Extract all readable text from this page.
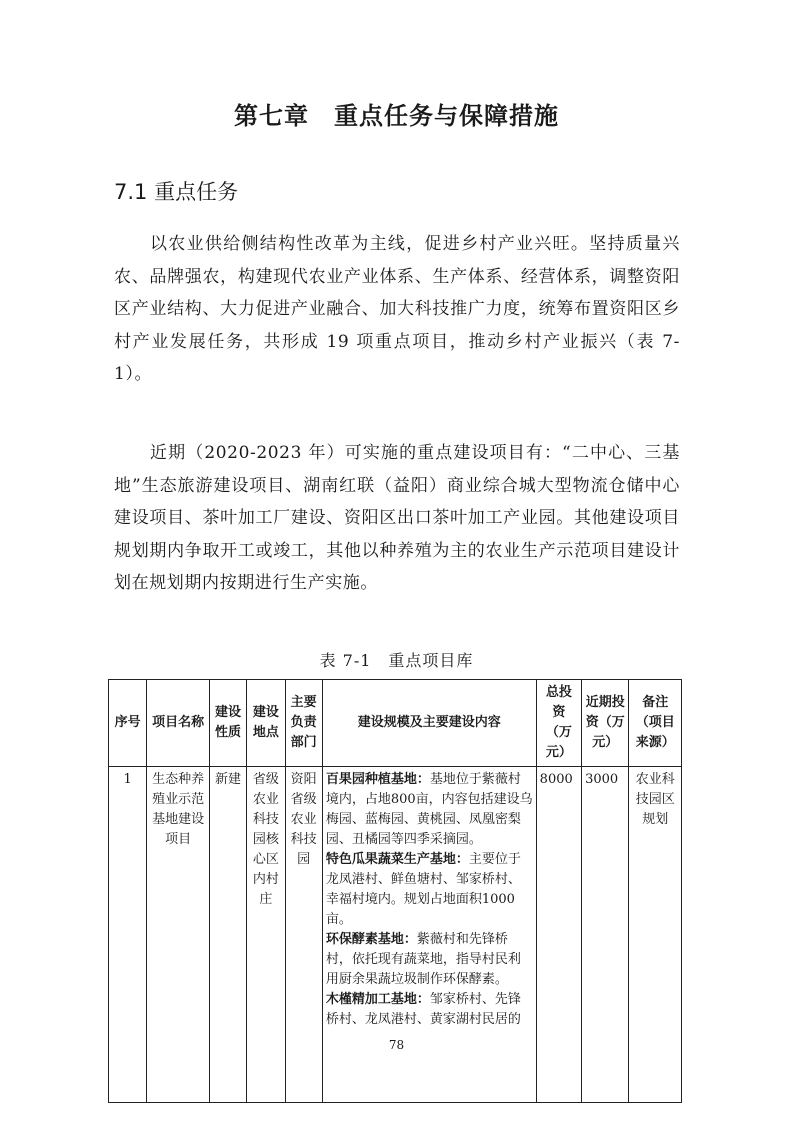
第七章　重点任务与保障措施
7.1 重点任务

以农业供给侧结构性改革为主线，促进乡村产业兴旺。坚持质量兴农、品牌强农，构建现代农业产业体系、生产体系、经营体系，调整资阳区产业结构、大力促进产业融合、加大科技推广力度，统筹布置资阳区乡村产业发展任务，共形成 19 项重点项目，推动乡村产业振兴（表 7-1）。

近期（2020-2023 年）可实施的重点建设项目有：“二中心、三基地”生态旅游建设项目、湖南红联（益阳）商业综合城大型物流仓储中心建设项目、茶叶加工厂建设、资阳区出口茶叶加工产业园。其他建设项目规划期内争取开工或竣工，其他以种养殖为主的农业生产示范项目建设计划在规划期内按期进行生产实施。

表 7-1　重点项目库
序号	项目名称	建设性质	建设地点	主要负责部门	建设规模及主要建设内容	总投资（万元）	近期投资（万元）	备注（项目来源）
1	生态种养殖业示范基地建设项目	新建	省级农业科技园核心区内村庄	资阳省级农业科技园	百果园种植基地：基地位于紫薇村境内，占地800亩，内容包括建设乌梅园、蓝梅园、黄桃园、凤凰密梨园、丑橘园等四季采摘园。
特色瓜果蔬菜生产基地：主要位于龙凤港村、鲜鱼塘村、邹家桥村、幸福村境内。规划占地面积1000亩。
环保酵素基地：紫薇村和先锋桥村，依托现有蔬菜地，指导村民利用厨余果蔬垃圾制作环保酵素。
木槿精加工基地：邹家桥村、先锋桥村、龙凤港村、黄家湖村民居的	8000	3000	农业科技园区规划
78
